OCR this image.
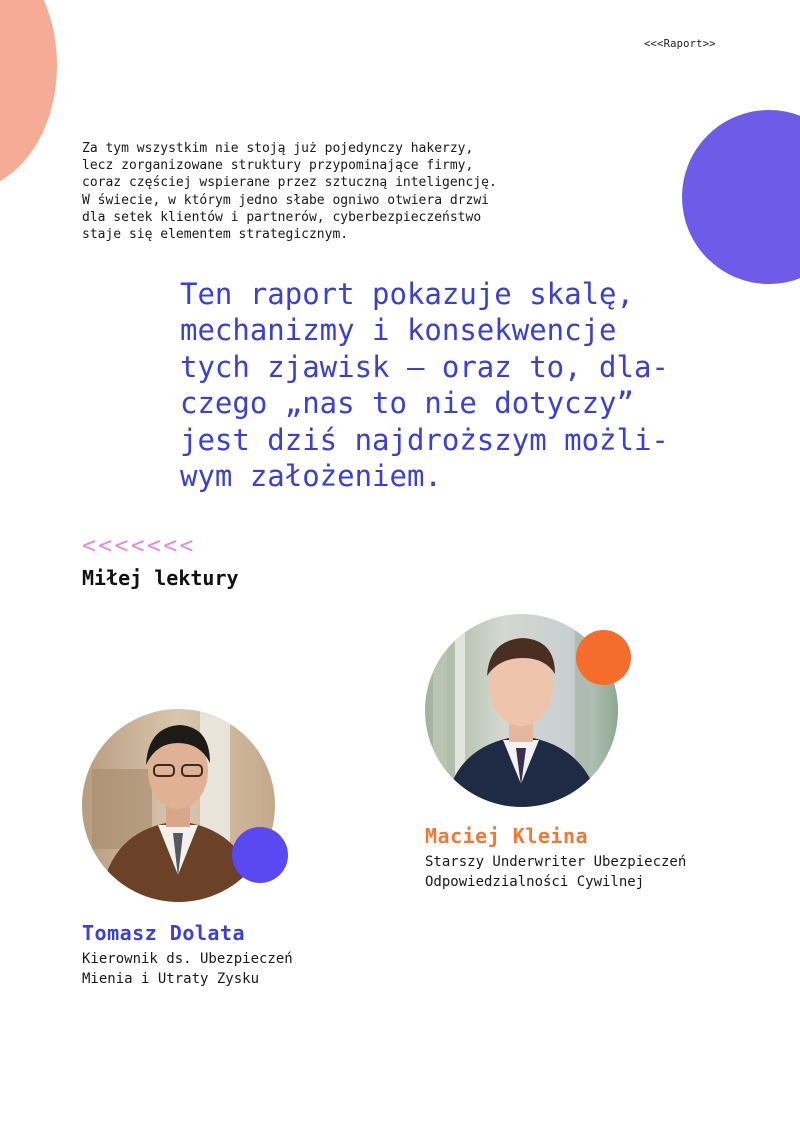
<<<Raport>>

Za tym wszystkim nie stoją już pojedynczy hakerzy,
lecz zorganizowane struktury przypominające firmy,
coraz częściej wspierane przez sztuczną inteligencję.
W świecie, w którym jedno słabe ogniwo otwiera drzwi
dla setek klientów i partnerów, cyberbezpieczeństwo
staje się elementem strategicznym.

Ten raport pokazuje skalę,
mechanizmy i konsekwencje
tych zjawisk — oraz to, dla-
czego „nas to nie dotyczy”
jest dziś najdroższym możli-
wym założeniem.

<<<<<<<
Miłej lektury
Maciej Kleina
Starszy Underwriter Ubezpieczeń
Odpowiedzialności Cywilnej
Tomasz Dolata
Kierownik ds. Ubezpieczeń
Mienia i Utraty Zysku
